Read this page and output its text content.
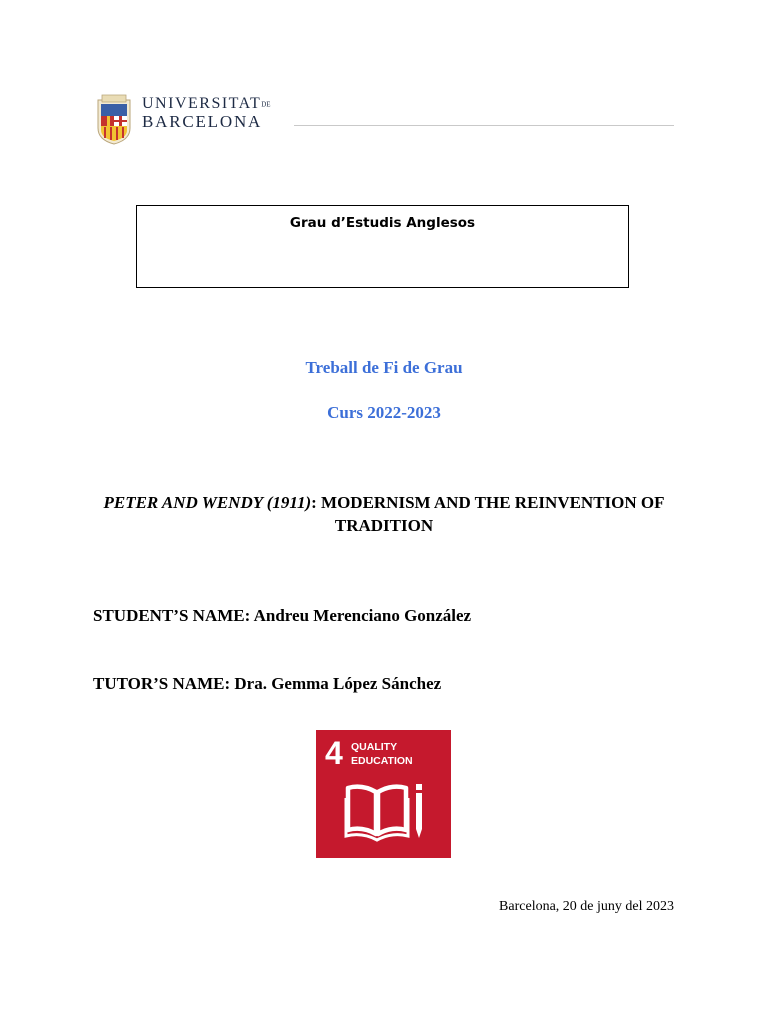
UNIVERSITATDE
BARCELONA
Grau d’Estudis Anglesos
Treball de Fi de Grau
Curs 2022-2023
PETER AND WENDY (1911): MODERNISM AND THE REINVENTION OF TRADITION
STUDENT’S NAME: Andreu Merenciano González
TUTOR’S NAME: Dra. Gemma López Sánchez
4 QUALITY
EDUCATION
Barcelona, 20 de juny del 2023
